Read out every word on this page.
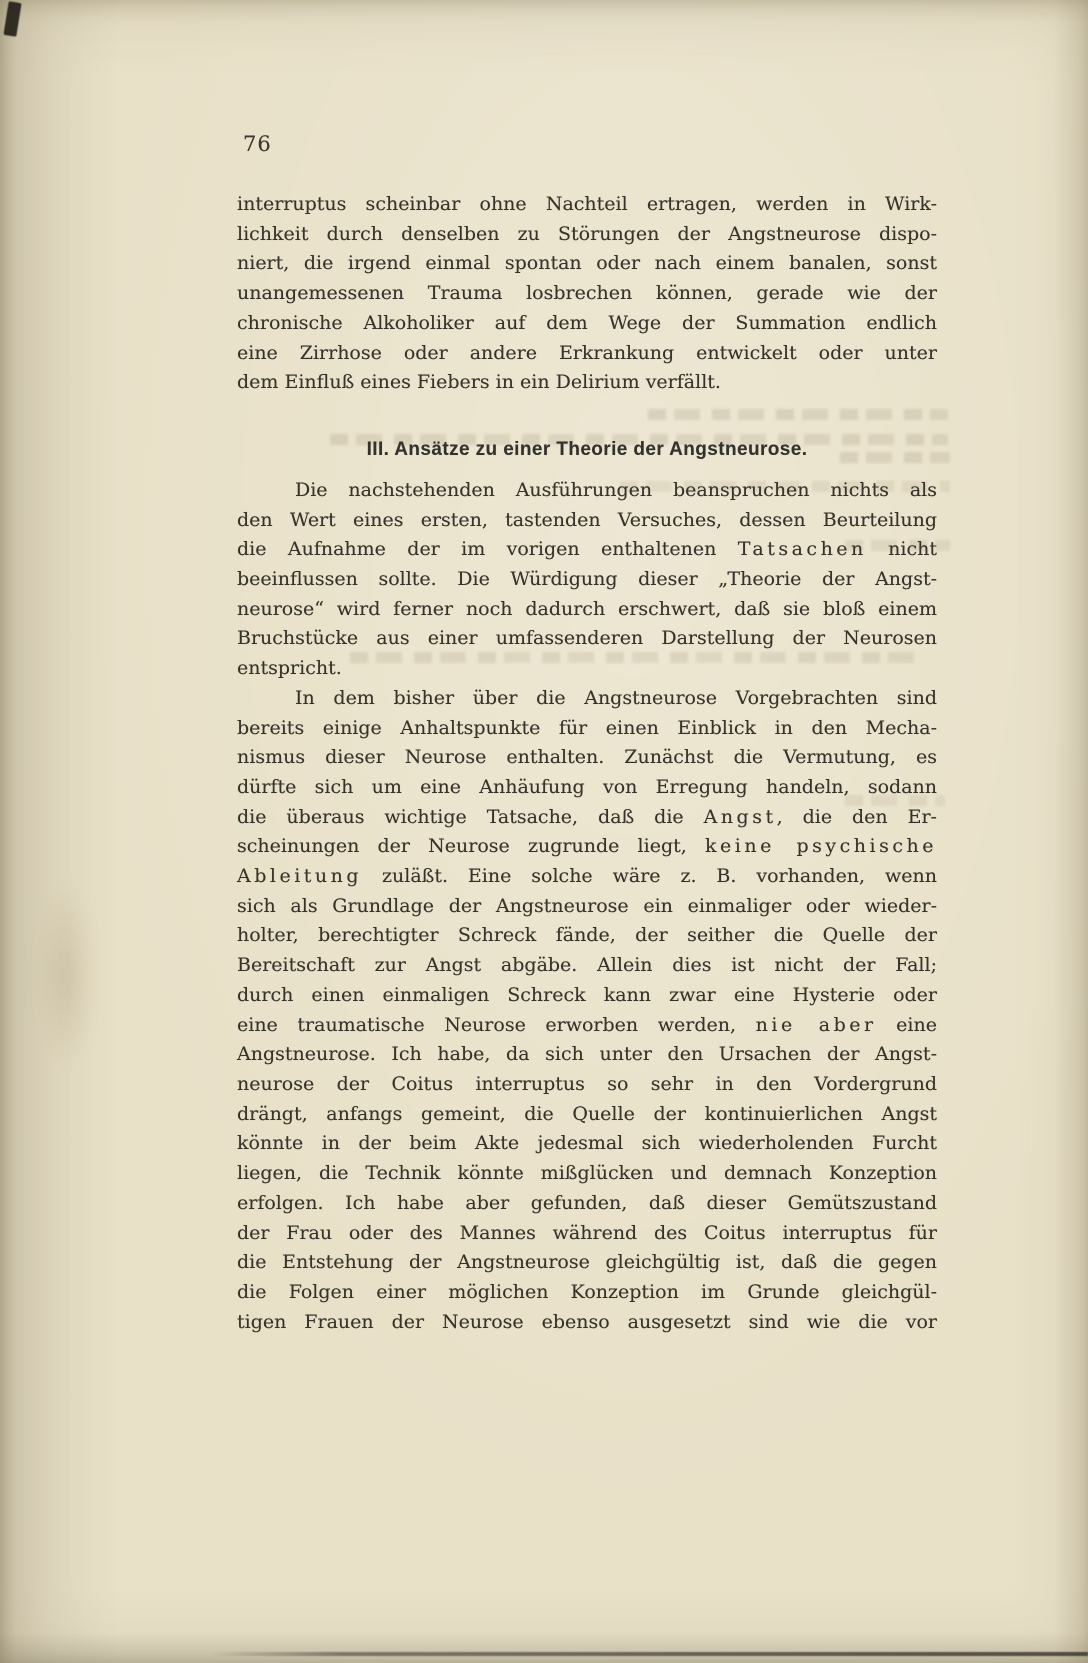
76
interruptus scheinbar ohne Nachteil ertragen, werden in Wirk-
lichkeit durch denselben zu Störungen der Angstneurose dispo-
niert, die irgend einmal spontan oder nach einem banalen, sonst
unangemessenen Trauma losbrechen können, gerade wie der
chronische Alkoholiker auf dem Wege der Summation endlich
eine Zirrhose oder andere Erkrankung entwickelt oder unter
dem Einfluß eines Fiebers in ein Delirium verfällt.
III. Ansätze zu einer Theorie der Angstneurose.
Die nachstehenden Ausführungen beanspruchen nichts als
den Wert eines ersten, tastenden Versuches, dessen Beurteilung
die Aufnahme der im vorigen enthaltenen Tatsachen nicht
beeinflussen sollte. Die Würdigung dieser „Theorie der Angst-
neurose“ wird ferner noch dadurch erschwert, daß sie bloß einem
Bruchstücke aus einer umfassenderen Darstellung der Neurosen
entspricht.
In dem bisher über die Angstneurose Vorgebrachten sind
bereits einige Anhaltspunkte für einen Einblick in den Mecha-
nismus dieser Neurose enthalten. Zunächst die Vermutung, es
dürfte sich um eine Anhäufung von Erregung handeln, sodann
die überaus wichtige Tatsache, daß die Angst, die den Er-
scheinungen der Neurose zugrunde liegt, keine psychische
Ableitung zuläßt. Eine solche wäre z. B. vorhanden, wenn
sich als Grundlage der Angstneurose ein einmaliger oder wieder-
holter, berechtigter Schreck fände, der seither die Quelle der
Bereitschaft zur Angst abgäbe. Allein dies ist nicht der Fall;
durch einen einmaligen Schreck kann zwar eine Hysterie oder
eine traumatische Neurose erworben werden, nie aber eine
Angstneurose. Ich habe, da sich unter den Ursachen der Angst-
neurose der Coitus interruptus so sehr in den Vordergrund
drängt, anfangs gemeint, die Quelle der kontinuierlichen Angst
könnte in der beim Akte jedesmal sich wiederholenden Furcht
liegen, die Technik könnte mißglücken und demnach Konzeption
erfolgen. Ich habe aber gefunden, daß dieser Gemütszustand
der Frau oder des Mannes während des Coitus interruptus für
die Entstehung der Angstneurose gleichgültig ist, daß die gegen
die Folgen einer möglichen Konzeption im Grunde gleichgül-
tigen Frauen der Neurose ebenso ausgesetzt sind wie die vor
